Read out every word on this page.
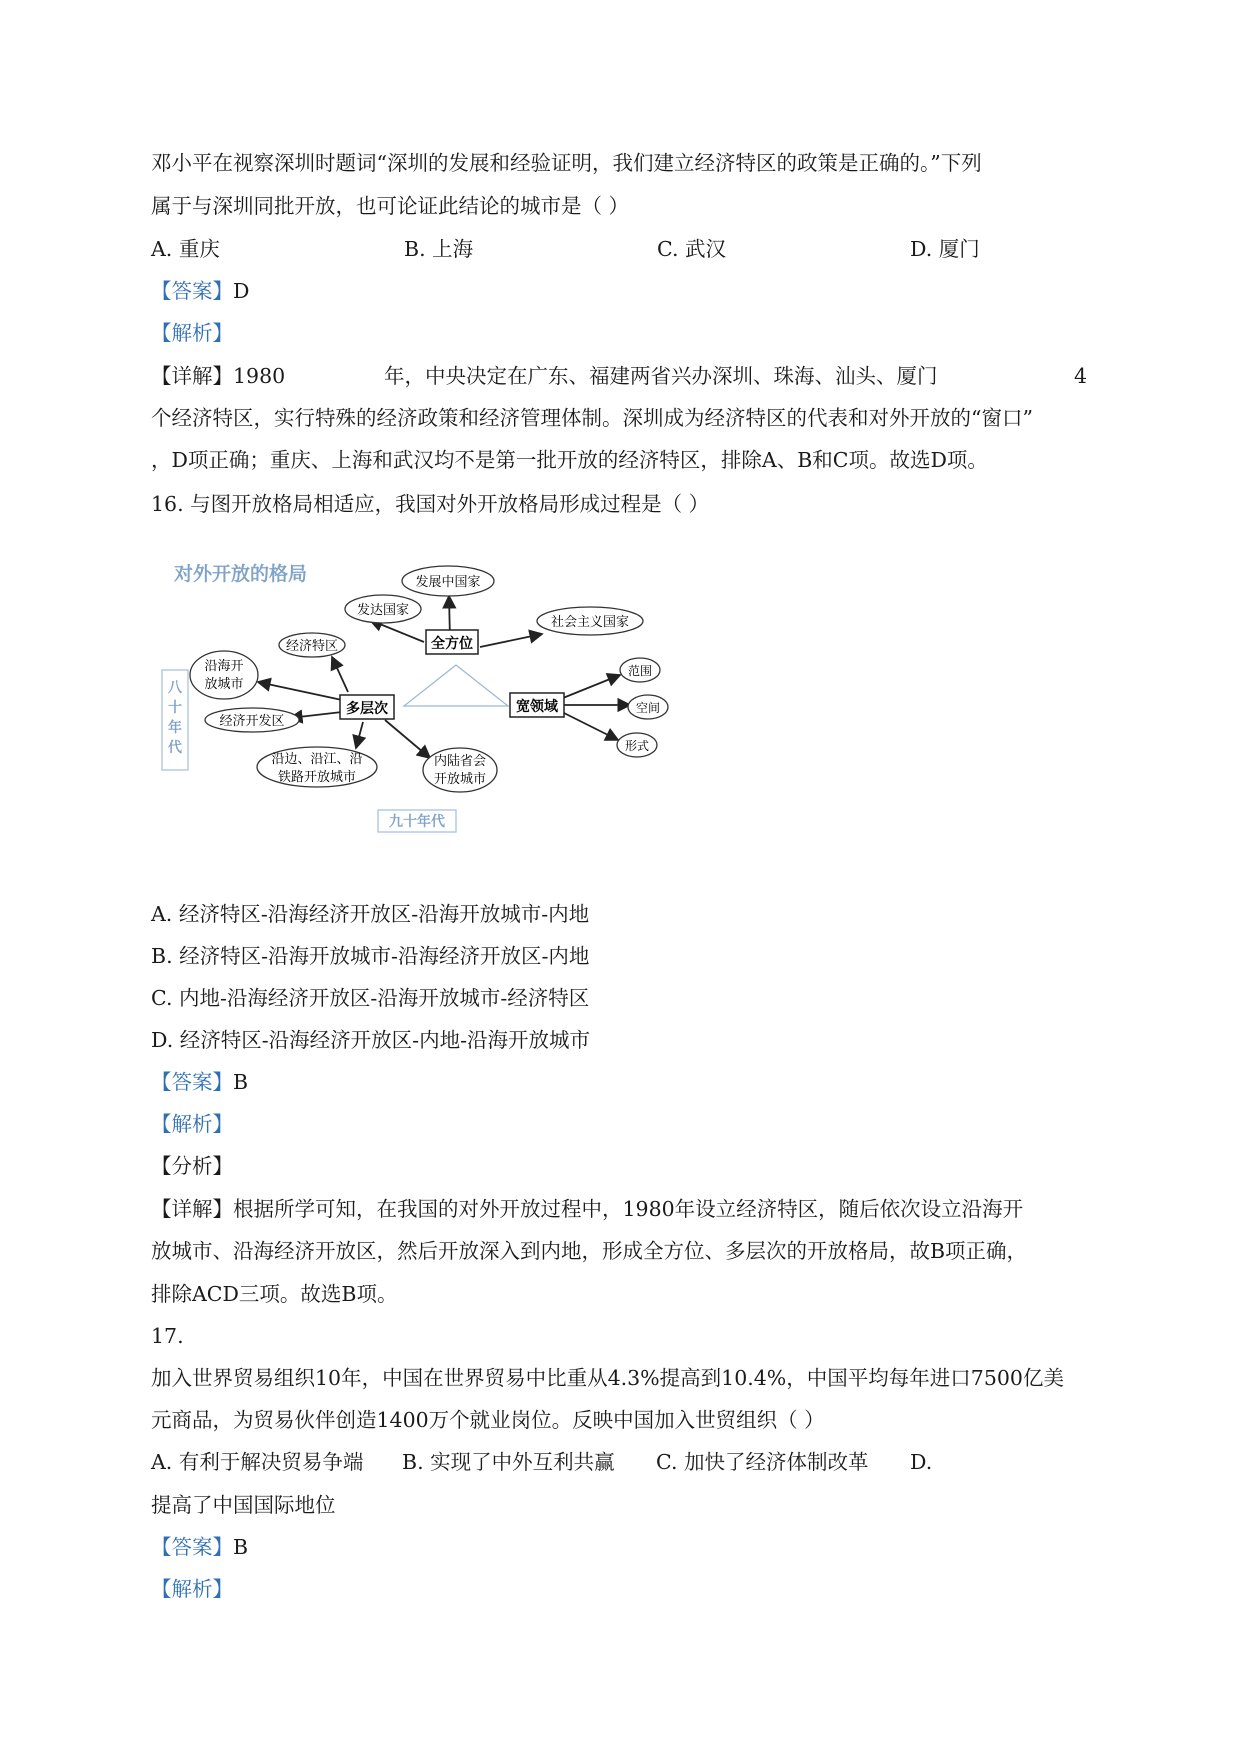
邓小平在视察深圳时题词“深圳的发展和经验证明，我们建立经济特区的政策是正确的。”下列
属于与深圳同批开放，也可论证此结论的城市是（ ）
A. 重庆	B. 上海	C. 武汉	D. 厦门
【答案】D
【解析】
【详解】1980	年，中央决定在广东、福建两省兴办深圳、珠海、汕头、厦门	4
个经济特区，实行特殊的经济政策和经济管理体制。深圳成为经济特区的代表和对外开放的“窗口”
，D项正确；重庆、上海和武汉均不是第一批开放的经济特区，排除A、B和C项。故选D项。
16. 与图开放格局相适应，我国对外开放格局形成过程是（ ）
对外开放的格局
全方位
多层次	宽领域
发展中国家
发达国家
社会主义国家
经济特区
沿海开
放城市
经济开发区
沿边、沿江、沿
铁路开放城市
内陆省会
开放城市
范围
空间
形式
八
十
年
代
九十年代
A. 经济特区-沿海经济开放区-沿海开放城市-内地
B. 经济特区-沿海开放城市-沿海经济开放区-内地
C. 内地-沿海经济开放区-沿海开放城市-经济特区
D. 经济特区-沿海经济开放区-内地-沿海开放城市
【答案】B
【解析】
【分析】
【详解】根据所学可知，在我国的对外开放过程中，1980年设立经济特区，随后依次设立沿海开
放城市、沿海经济开放区，然后开放深入到内地，形成全方位、多层次的开放格局，故B项正确，
排除ACD三项。故选B项。
17.
加入世界贸易组织10年，中国在世界贸易中比重从4.3%提高到10.4%，中国平均每年进口7500亿美
元商品，为贸易伙伴创造1400万个就业岗位。反映中国加入世贸组织（ ）
A. 有利于解决贸易争端 B. 实现了中外互利共赢 C. 加快了经济体制改革 D.
提高了中国国际地位
【答案】B
【解析】
